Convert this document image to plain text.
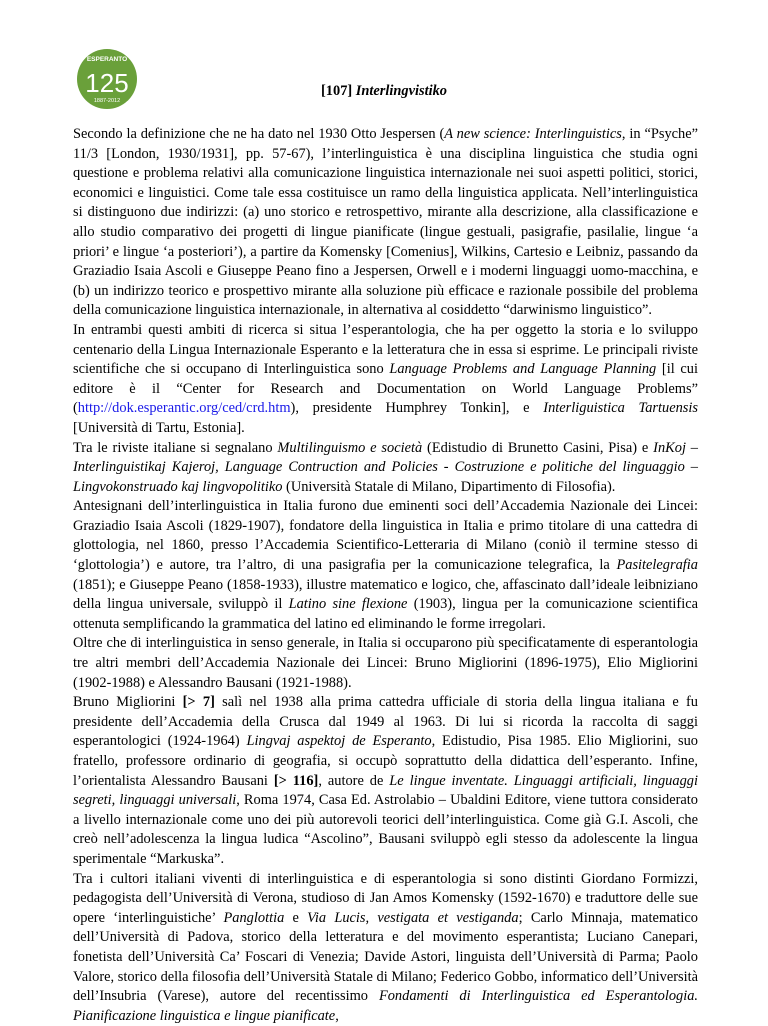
ESPERANTO
125
1887-2012
[107] Interlingvistiko

Secondo la definizione che ne ha dato nel 1930 Otto Jespersen (A new science: Interlinguistics, in “Psyche” 11/3 [London, 1930/1931], pp. 57-67), l’interlinguistica è una disciplina linguistica che studia ogni questione e problema relativi alla comunicazione linguistica internazionale nei suoi aspetti politici, storici, economici e linguistici. Come tale essa costituisce un ramo della linguistica applicata. Nell’interlinguistica si distinguono due indirizzi: (a) uno storico e retrospettivo, mirante alla descrizione, alla classificazione e allo studio comparativo dei progetti di lingue pianificate (lingue gestuali, pasigrafie, pasilalie, lingue ‘a priori’ e lingue ‘a posteriori’), a partire da Komensky [Comenius], Wilkins, Cartesio e Leibniz, passando da Graziadio Isaia Ascoli e Giuseppe Peano fino a Jespersen, Orwell e i moderni linguaggi uomo-macchina, e (b) un indirizzo teorico e prospettivo mirante alla soluzione più efficace e razionale possibile del problema della comunicazione linguistica internazionale, in alternativa al cosiddetto “darwinismo linguistico”.

In entrambi questi ambiti di ricerca si situa l’esperantologia, che ha per oggetto la storia e lo sviluppo centenario della Lingua Internazionale Esperanto e la letteratura che in essa si esprime. Le principali riviste scientifiche che si occupano di Interlinguistica sono Language Problems and Language Planning [il cui editore è il “Center for Research and Documentation on World Language Problems” (http://dok.esperantic.org/ced/crd.htm), presidente Humphrey Tonkin], e Interliguistica Tartuensis [Università di Tartu, Estonia].

Tra le riviste italiane si segnalano Multilinguismo e società (Edistudio di Brunetto Casini, Pisa) e InKoj – Interlinguistikaj Kajeroj, Language Contruction and Policies - Costruzione e politiche del linguaggio – Lingvokonstruado kaj lingvopolitiko (Università Statale di Milano, Dipartimento di Filosofia).

Antesignani dell’interlinguistica in Italia furono due eminenti soci dell’Accademia Nazionale dei Lincei: Graziadio Isaia Ascoli (1829-1907), fondatore della linguistica in Italia e primo titolare di una cattedra di glottologia, nel 1860, presso l’Accademia Scientifico-Letteraria di Milano (coniò il termine stesso di ‘glottologia’) e autore, tra l’altro, di una pasigrafia per la comunicazione telegrafica, la Pasitelegrafia (1851); e Giuseppe Peano (1858-1933), illustre matematico e logico, che, affascinato dall’ideale leibniziano della lingua universale, sviluppò il Latino sine flexione (1903), lingua per la comunicazione scientifica ottenuta semplificando la grammatica del latino ed eliminando le forme irregolari.

Oltre che di interlinguistica in senso generale, in Italia si occuparono più specificatamente di esperantologia tre altri membri dell’Accademia Nazionale dei Lincei: Bruno Migliorini (1896-1975), Elio Migliorini (1902-1988) e Alessandro Bausani (1921-1988).

Bruno Migliorini [> 7] salì nel 1938 alla prima cattedra ufficiale di storia della lingua italiana e fu presidente dell’Accademia della Crusca dal 1949 al 1963. Di lui si ricorda la raccolta di saggi esperantologici (1924-1964) Lingvaj aspektoj de Esperanto, Edistudio, Pisa 1985. Elio Migliorini, suo fratello, professore ordinario di geografia, si occupò soprattutto della didattica dell’esperanto. Infine, l’orientalista Alessandro Bausani [> 116], autore de Le lingue inventate. Linguaggi artificiali, linguaggi segreti, linguaggi universali, Roma 1974, Casa Ed. Astrolabio – Ubaldini Editore, viene tuttora considerato a livello internazionale come uno dei più autorevoli teorici dell’interlinguistica. Come già G.I. Ascoli, che creò nell’adolescenza la lingua ludica “Ascolino”, Bausani sviluppò egli stesso da adolescente la lingua sperimentale “Markuska”.

Tra i cultori italiani viventi di interlinguistica e di esperantologia si sono distinti Giordano Formizzi, pedagogista dell’Università di Verona, studioso di Jan Amos Komensky (1592-1670) e traduttore delle sue opere ‘interlinguistiche’ Panglottia e Via Lucis, vestigata et vestiganda; Carlo Minnaja, matematico dell’Università di Padova, storico della letteratura e del movimento esperantista; Luciano Canepari, fonetista dell’Università Ca’ Foscari di Venezia; Davide Astori, linguista dell’Università di Parma; Paolo Valore, storico della filosofia dell’Università Statale di Milano; Federico Gobbo, informatico dell’Università dell’Insubria (Varese), autore del recentissimo Fondamenti di Interlinguistica ed Esperantologia. Pianificazione linguistica e lingue pianificate,
